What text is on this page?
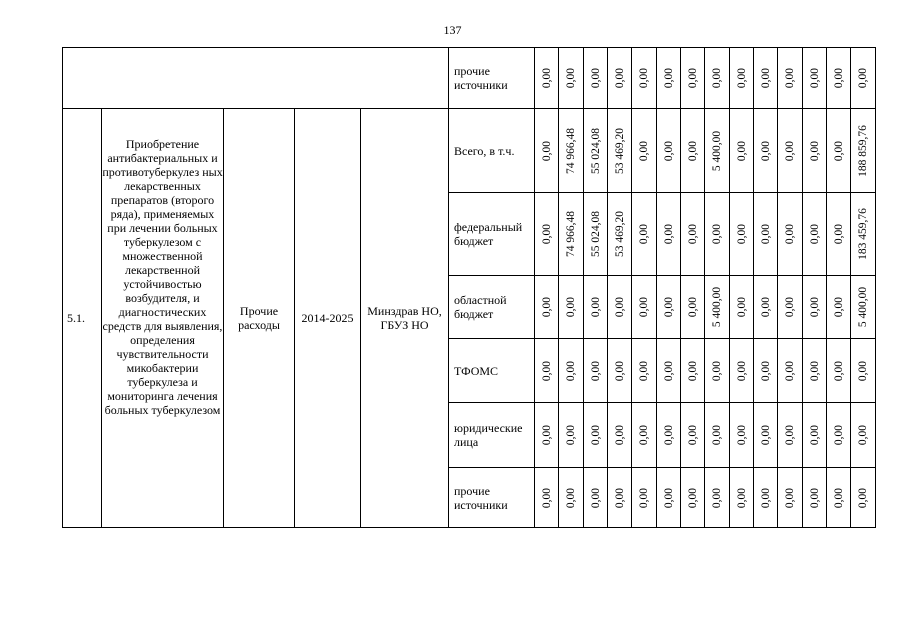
137
					прочие источники	0,00	0,00	0,00	0,00	0,00	0,00	0,00	0,00	0,00	0,00	0,00	0,00	0,00	0,00

5.1.	Приобретение антибактериальных и противотуберкулез ных лекарственных препаратов (второго ряда), применяемых при лечении больных туберкулезом с множественной лекарственной устойчивостью возбудителя, и диагностических средств для выявления, определения чувствительности микобактерии туберкулеза и мониторинга лечения больных туберкулезом	Прочие расходы	2014-2025	Минздрав НО, ГБУЗ НО	Всего, в т.ч.	0,00	74 966,48	55 024,08	53 469,20	0,00	0,00	0,00	5 400,00	0,00	0,00	0,00	0,00	0,00	188 859,76

					федеральный бюджет	0,00	74 966,48	55 024,08	53 469,20	0,00	0,00	0,00	0,00	0,00	0,00	0,00	0,00	0,00	183 459,76

					областной бюджет	0,00	0,00	0,00	0,00	0,00	0,00	0,00	5 400,00	0,00	0,00	0,00	0,00	0,00	5 400,00

					ТФОМС	0,00	0,00	0,00	0,00	0,00	0,00	0,00	0,00	0,00	0,00	0,00	0,00	0,00	0,00

					юридические лица	0,00	0,00	0,00	0,00	0,00	0,00	0,00	0,00	0,00	0,00	0,00	0,00	0,00	0,00

					прочие источники	0,00	0,00	0,00	0,00	0,00	0,00	0,00	0,00	0,00	0,00	0,00	0,00	0,00	0,00
